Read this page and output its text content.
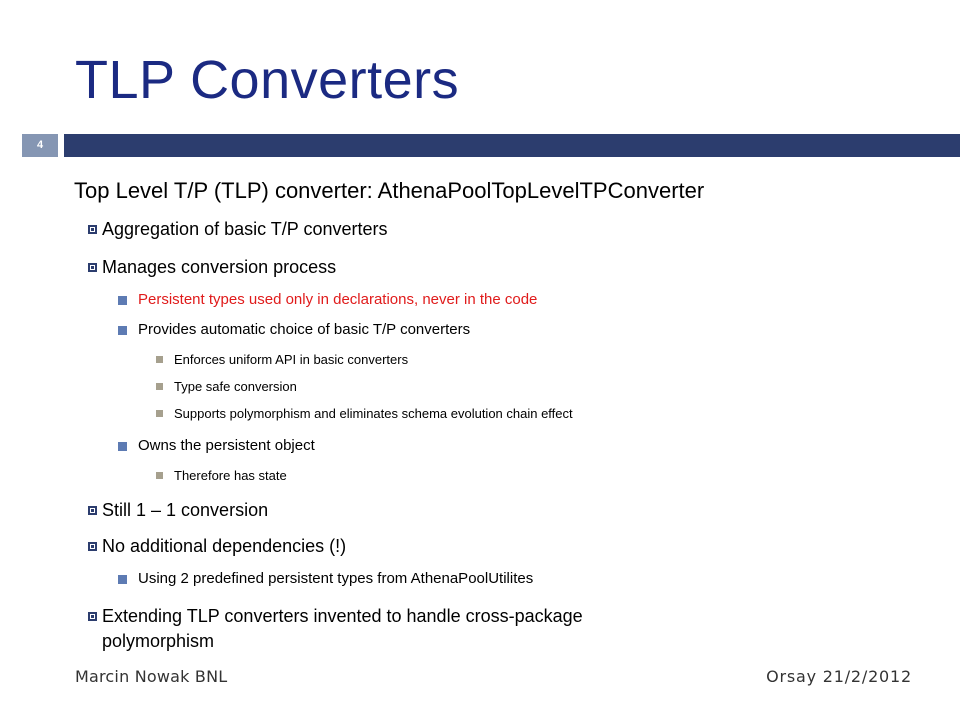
TLP Converters
4
Top Level T/P (TLP) converter: AthenaPoolTopLevelTPConverter
Aggregation of basic T/P converters
Manages conversion process
Persistent types used only in declarations, never in the code
Provides automatic choice of basic T/P converters
Enforces uniform API in basic converters
Type safe conversion
Supports polymorphism and eliminates schema evolution chain effect
Owns the persistent object
Therefore has state
Still 1 – 1 conversion
No additional dependencies (!)
Using 2 predefined persistent types from AthenaPoolUtilites
Extending TLP converters invented to handle cross-package
polymorphism
Marcin Nowak BNL	Orsay 21/2/2012
